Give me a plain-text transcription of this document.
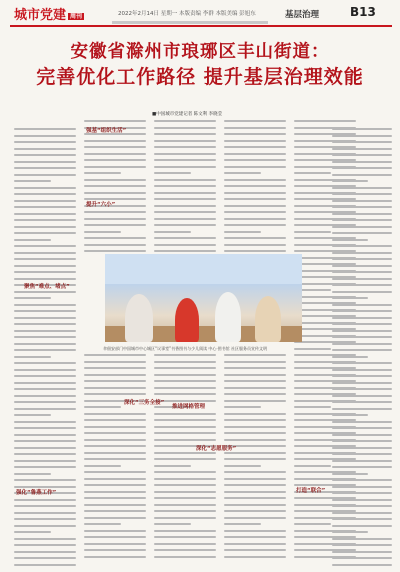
城市党建 周刊	2022年2月14日 星期一 本版责编 李群 本版美编 彭旭东	基层治理	B13
安徽省滁州市琅琊区丰山街道：
完善优化工作路径 提升基层治理效能
■中国城市党建记者 陈文利 李晓莹
强基“组织生活”
提升“六小”
聚焦“难点、堵点”
深化“三务全接”
推进网格管理
强化“鲁燕工作”
深化“志愿服务”
打造“联合”
伞佃安部门中国城市中心城区“议事堂”书香图书与少儿阅读 中心·图书馆 社区服务员宣传文明
